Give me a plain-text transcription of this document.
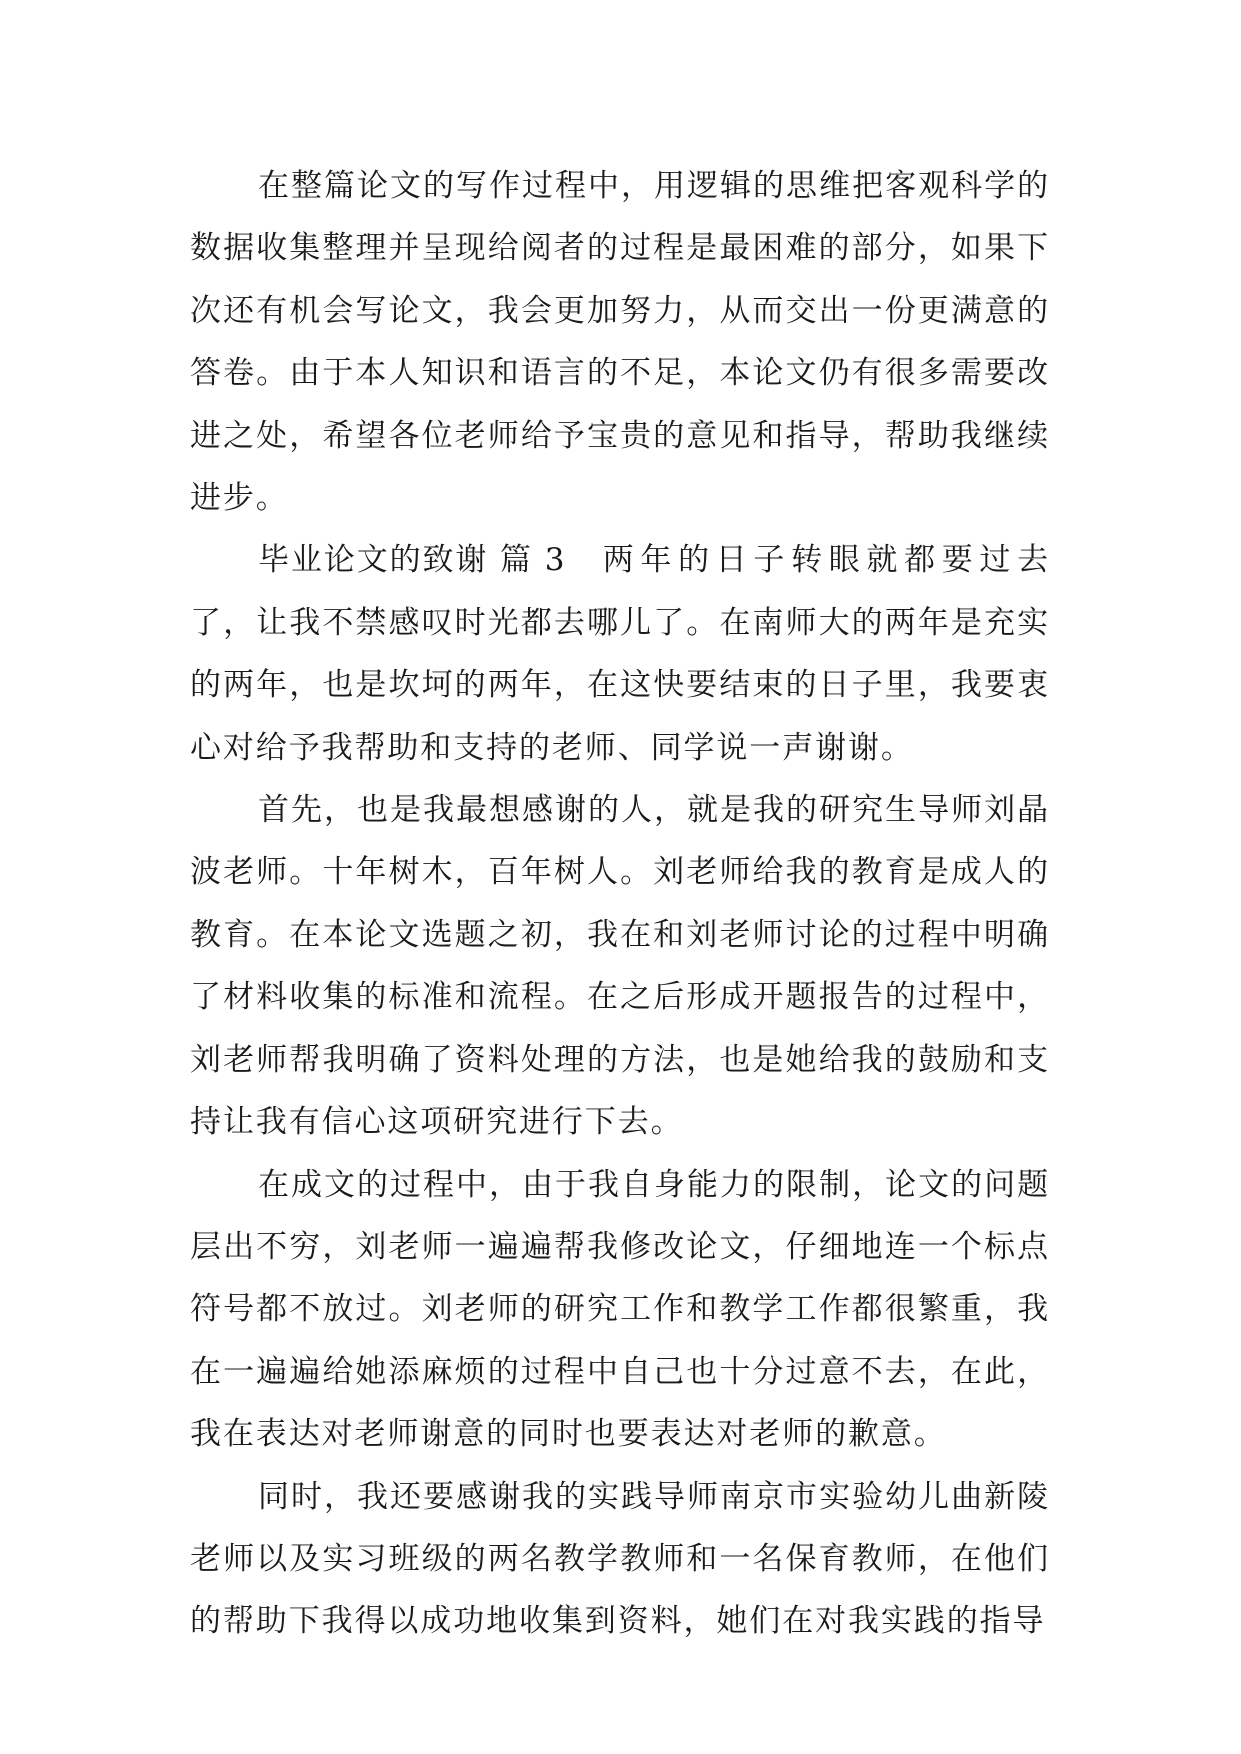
在整篇论文的写作过程中，用逻辑的思维把客观科学的数据收集整理并呈现给阅者的过程是最困难的部分，如果下次还有机会写论文，我会更加努力，从而交出一份更满意的答卷。由于本人知识和语言的不足，本论文仍有很多需要改进之处，希望各位老师给予宝贵的意见和指导，帮助我继续进步。

毕业论文的致谢 篇 3 两年的日子转眼就都要过去了，让我不禁感叹时光都去哪儿了。在南师大的两年是充实的两年，也是坎坷的两年，在这快要结束的日子里，我要衷心对给予我帮助和支持的老师、同学说一声谢谢。

首先，也是我最想感谢的人，就是我的研究生导师刘晶波老师。十年树木，百年树人。刘老师给我的教育是成人的教育。在本论文选题之初，我在和刘老师讨论的过程中明确了材料收集的标准和流程。在之后形成开题报告的过程中，刘老师帮我明确了资料处理的方法，也是她给我的鼓励和支持让我有信心这项研究进行下去。

在成文的过程中，由于我自身能力的限制，论文的问题层出不穷，刘老师一遍遍帮我修改论文，仔细地连一个标点符号都不放过。刘老师的研究工作和教学工作都很繁重，我在一遍遍给她添麻烦的过程中自己也十分过意不去，在此，我在表达对老师谢意的同时也要表达对老师的歉意。

同时，我还要感谢我的实践导师南京市实验幼儿曲新陵老师以及实习班级的两名教学教师和一名保育教师，在他们的帮助下我得以成功地收集到资料，她们在对我实践的指导
